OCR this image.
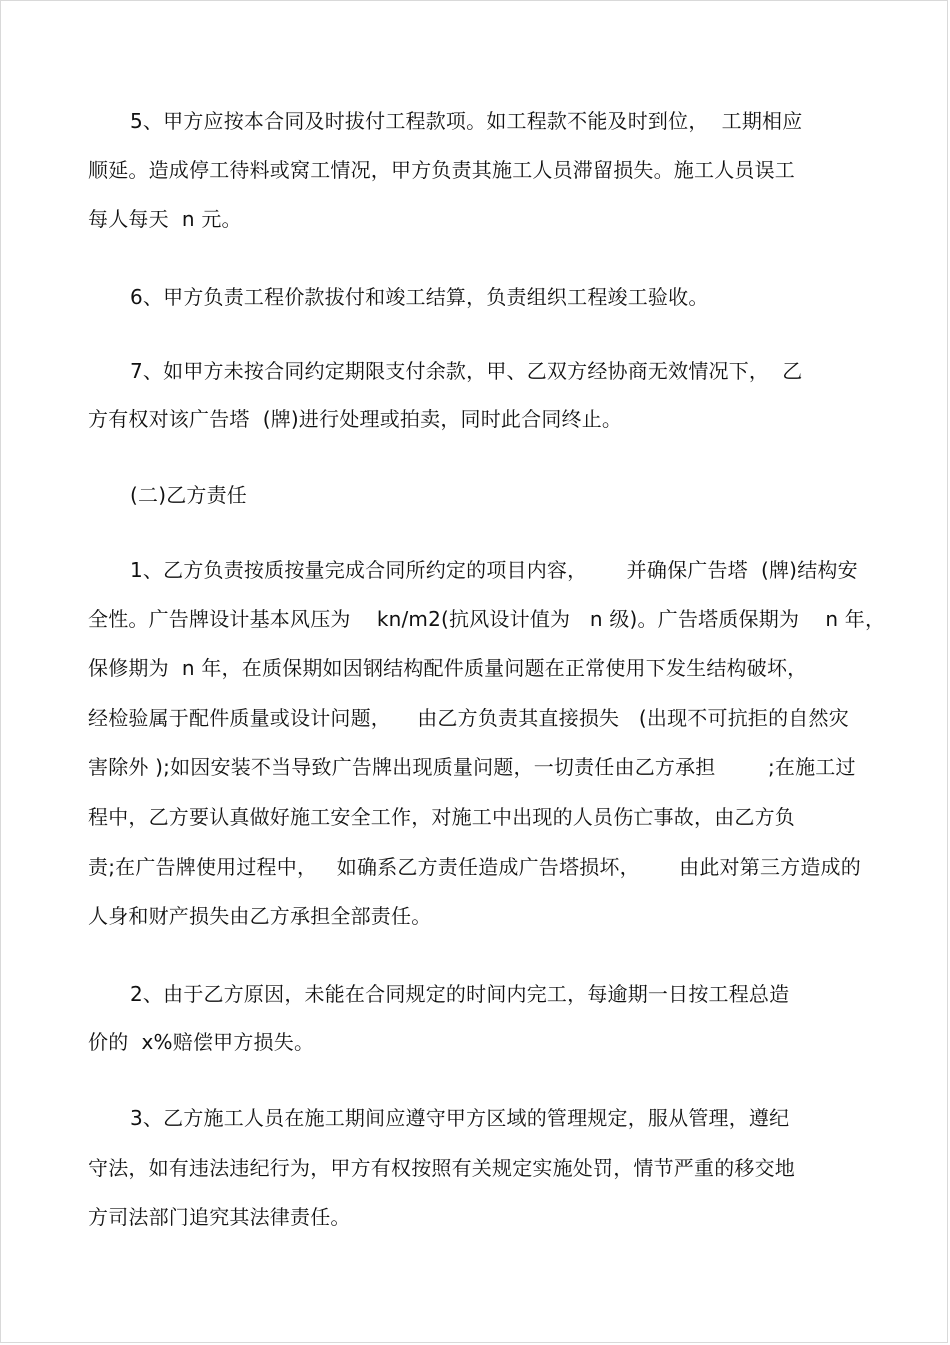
5、甲方应按本合同及时拔付工程款项。如工程款不能及时到位，  工期相应
顺延。造成停工待料或窝工情况，甲方负责其施工人员滞留损失。施工人员误工
每人每天  n 元。
6、甲方负责工程价款拔付和竣工结算，负责组织工程竣工验收。
7、如甲方未按合同约定期限支付余款，甲、乙双方经协商无效情况下，  乙
方有权对该广告塔  (牌)进行处理或拍卖，同时此合同终止。
(二)乙方责任
1、乙方负责按质按量完成合同所约定的项目内容，      并确保广告塔  (牌)结构安
全性。广告牌设计基本风压为    kn/m2(抗风设计值为   n 级)。广告塔质保期为    n 年，
保修期为  n 年，在质保期如因钢结构配件质量问题在正常使用下发生结构破坏，
经检验属于配件质量或设计问题，    由乙方负责其直接损失   (出现不可抗拒的自然灾
害除外 );如因安装不当导致广告牌出现质量问题，一切责任由乙方承担        ;在施工过
程中，乙方要认真做好施工安全工作，对施工中出现的人员伤亡事故，由乙方负
责;在广告牌使用过程中，   如确系乙方责任造成广告塔损坏，      由此对第三方造成的
人身和财产损失由乙方承担全部责任。
2、由于乙方原因，未能在合同规定的时间内完工，每逾期一日按工程总造
价的  x%赔偿甲方损失。
3、乙方施工人员在施工期间应遵守甲方区域的管理规定，服从管理，遵纪
守法，如有违法违纪行为，甲方有权按照有关规定实施处罚，情节严重的移交地
方司法部门追究其法律责任。
